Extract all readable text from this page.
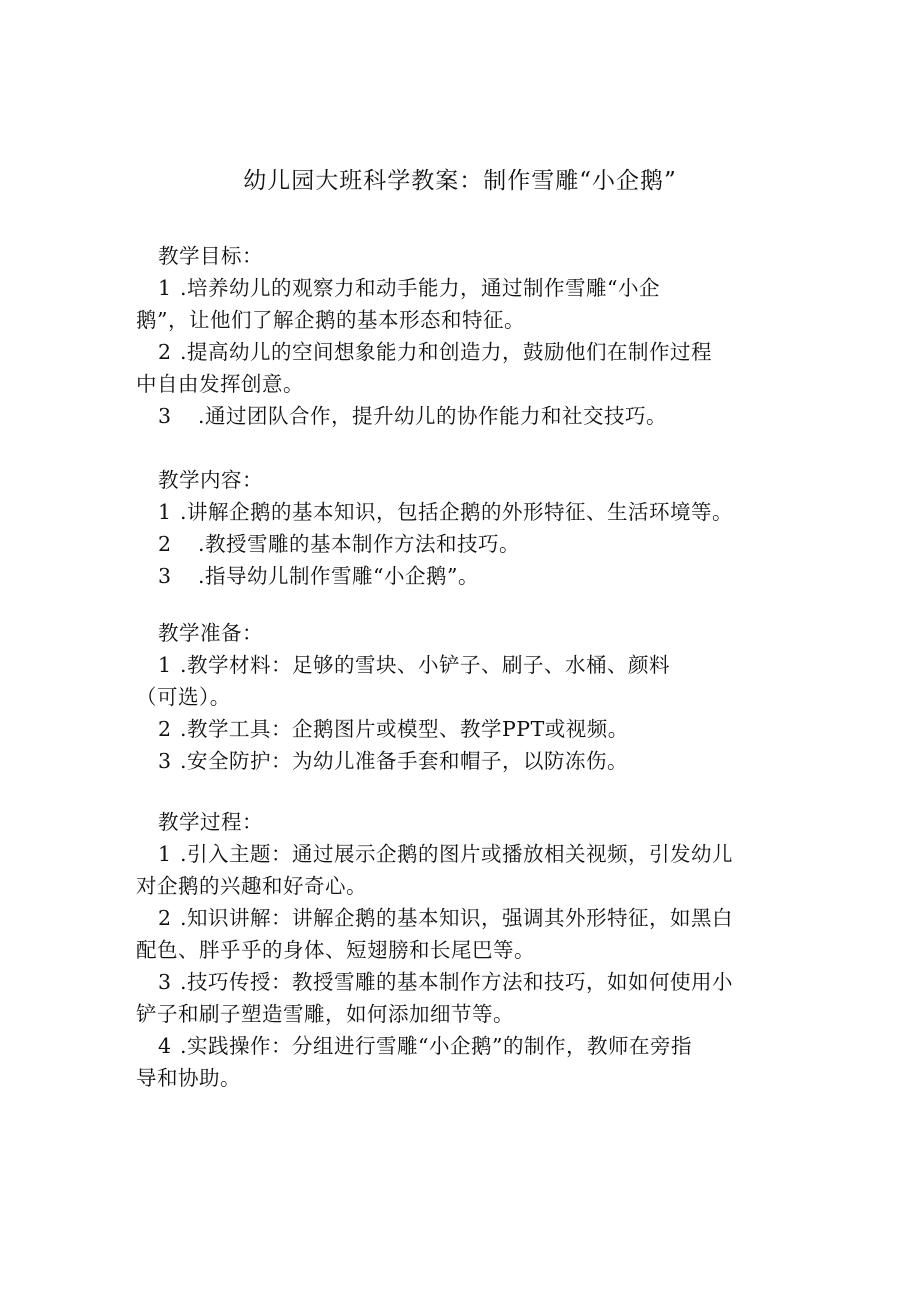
幼儿园大班科学教案：制作雪雕“小企鹅”
教学目标：
1 .培养幼儿的观察力和动手能力，通过制作雪雕“小企
鹅”，让他们了解企鹅的基本形态和特征。
2 .提高幼儿的空间想象能力和创造力，鼓励他们在制作过程
中自由发挥创意。
3 .通过团队合作，提升幼儿的协作能力和社交技巧。
教学内容：
1 .讲解企鹅的基本知识，包括企鹅的外形特征、生活环境等。
2 .教授雪雕的基本制作方法和技巧。
3 .指导幼儿制作雪雕“小企鹅”。
教学准备：
1 .教学材料：足够的雪块、小铲子、刷子、水桶、颜料
（可选）。
2 .教学工具：企鹅图片或模型、教学PPT或视频。
3 .安全防护：为幼儿准备手套和帽子，以防冻伤。
教学过程：
1 .引入主题：通过展示企鹅的图片或播放相关视频，引发幼儿
对企鹅的兴趣和好奇心。
2 .知识讲解：讲解企鹅的基本知识，强调其外形特征，如黑白
配色、胖乎乎的身体、短翅膀和长尾巴等。
3 .技巧传授：教授雪雕的基本制作方法和技巧，如如何使用小
铲子和刷子塑造雪雕，如何添加细节等。
4 .实践操作：分组进行雪雕“小企鹅”的制作，教师在旁指
导和协助。
